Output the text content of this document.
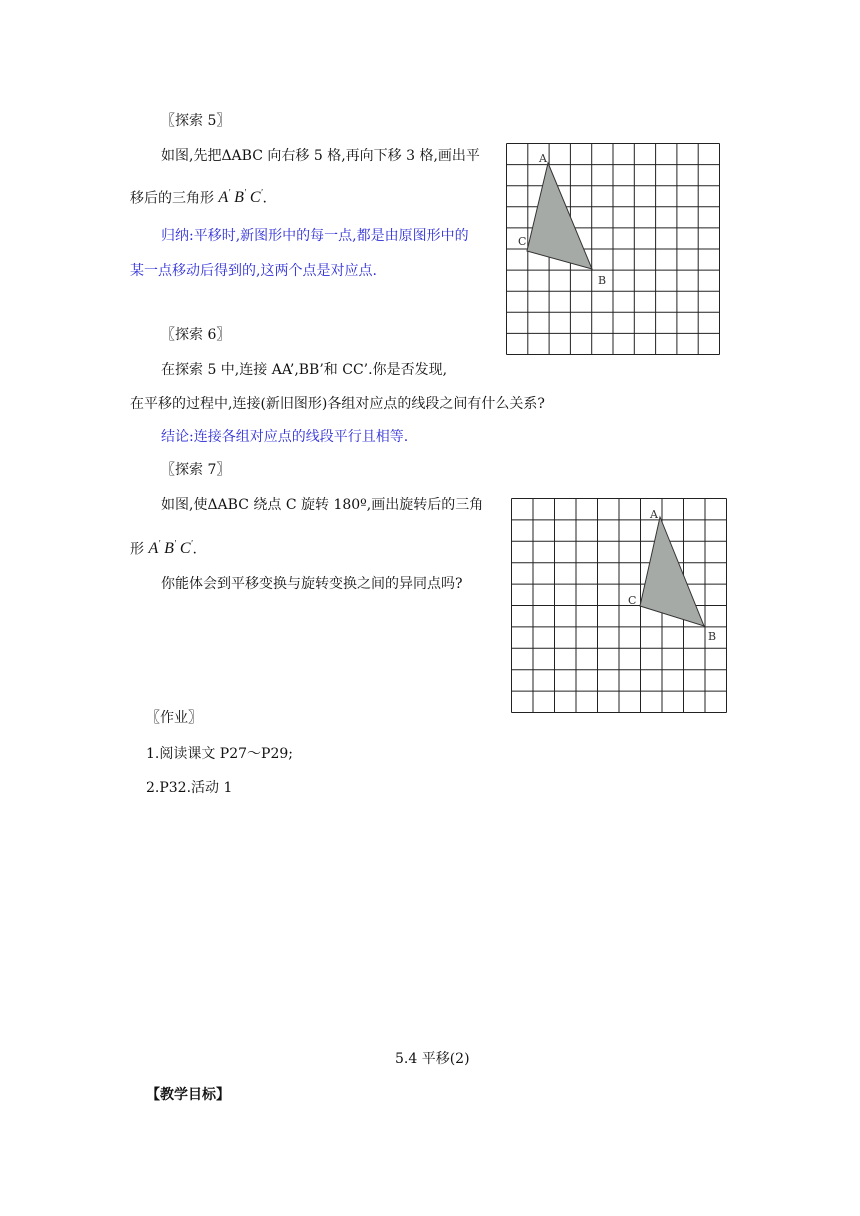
〖探索 5〗
如图,先把ΔABC 向右移 5 格,再向下移 3 格,画出平
移后的三角形 A' B' C'.
归纳:平移时,新图形中的每一点,都是由原图形中的
某一点移动后得到的,这两个点是对应点.
A
B
C
〖探索 6〗
在探索 5 中,连接 AA’,BB’和 CC’.你是否发现,
在平移的过程中,连接(新旧图形)各组对应点的线段之间有什么关系?
结论:连接各组对应点的线段平行且相等.
〖探索 7〗
如图,使ΔABC 绕点 C 旋转 180º,画出旋转后的三角
形 A' B' C'.
你能体会到平移变换与旋转变换之间的异同点吗?
A
B
C
〖作业〗
1.阅读课文 P27～P29;
2.P32.活动 1
5.4 平移(2)
【教学目标】
